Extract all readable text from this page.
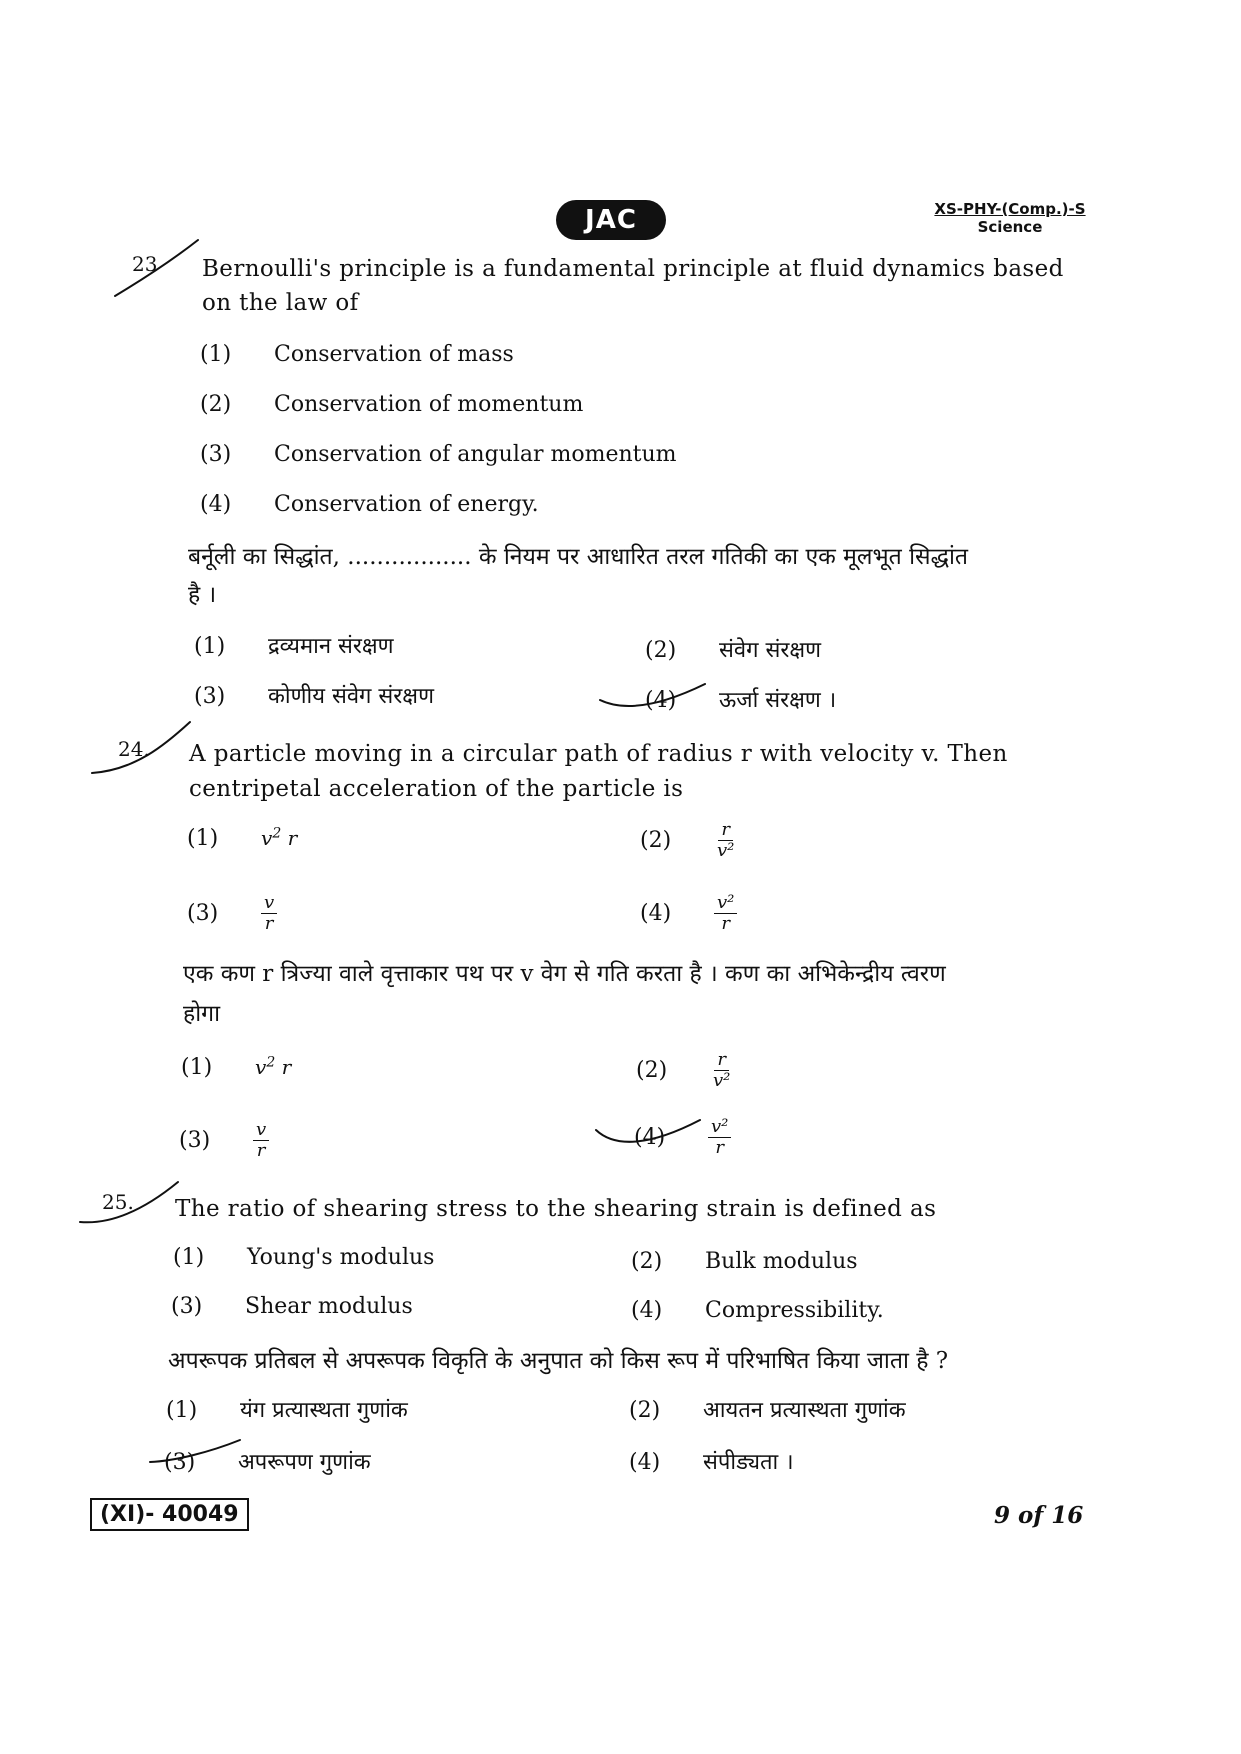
JAC	XS-PHY-(Comp.)-S
Science
23 Bernoulli's principle is a fundamental principle at fluid dynamics based
on the law of
(1) Conservation of mass
(2) Conservation of momentum
(3) Conservation of angular momentum
(4) Conservation of energy.
बर्नूली का सिद्धांत, ................. के नियम पर आधारित तरल गतिकी का एक मूलभूत सिद्धांत
है ।
(1) द्रव्यमान संरक्षण	(2) संवेग संरक्षण
(3) कोणीय संवेग संरक्षण	(4) ऊर्जा संरक्षण ।
24. A particle moving in a circular path of radius r with velocity v. Then
centripetal acceleration of the particle is
(1) $v^2$ r	$(2) \frac{r}{\text{v²}}$
$(3) \frac{v}{r}$	$(4) \frac{\text{v²}}{r}$
एक कण r त्रिज्या वाले वृत्ताकार पथ पर v वेग से गति करता है । कण का अभिकेन्द्रीय त्वरण
होगा
(1) $v^2$ r	$(2) \frac{r}{\text{v²}}$
$(3) \frac{v}{r}$	$(4) \frac{\text{v²}}{r}$
25. The ratio of shearing stress to the shearing strain is defined as
(1) Young's modulus	(2) Bulk modulus
(3) Shear modulus	(4) Compressibility.
अपरूपक प्रतिबल से अपरूपक विकृति के अनुपात को किस रूप में परिभाषित किया जाता है ?
(1) यंग प्रत्यास्थता गुणांक	(2) आयतन प्रत्यास्थता गुणांक
(3) अपरूपण गुणांक	(4) संपीड्यता ।
(XI)- 40049	9 of 16
